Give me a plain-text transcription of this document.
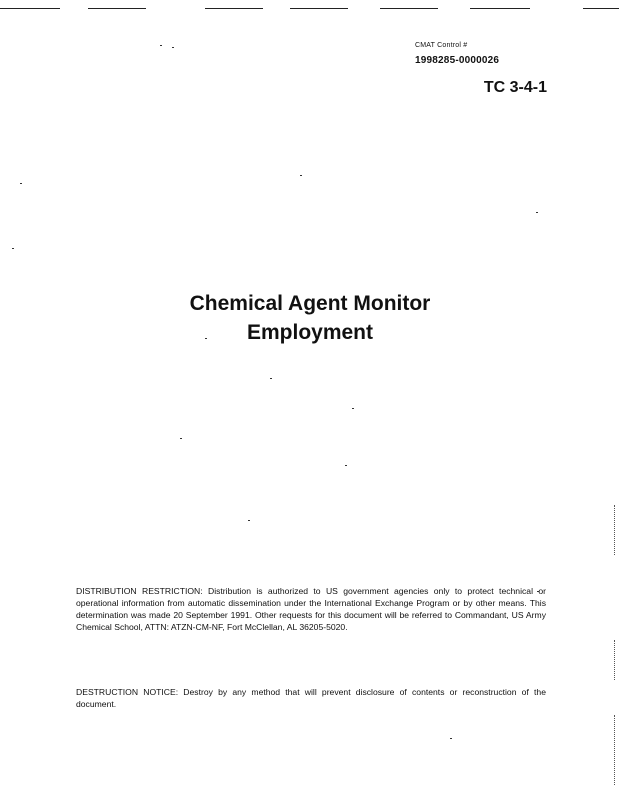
CMAT Control #
1998285-0000026
TC 3-4-1
Chemical Agent Monitor
Employment
DISTRIBUTION RESTRICTION: Distribution is authorized to US government agencies only to protect technical or operational information from automatic dissemination under the International Exchange Program or by other means. This determination was made 20 September 1991. Other requests for this document will be referred to Commandant, US Army Chemical School, ATTN: ATZN-CM-NF, Fort McClellan, AL 36205-5020.
DESTRUCTION NOTICE: Destroy by any method that will prevent disclosure of contents or reconstruction of the document.
